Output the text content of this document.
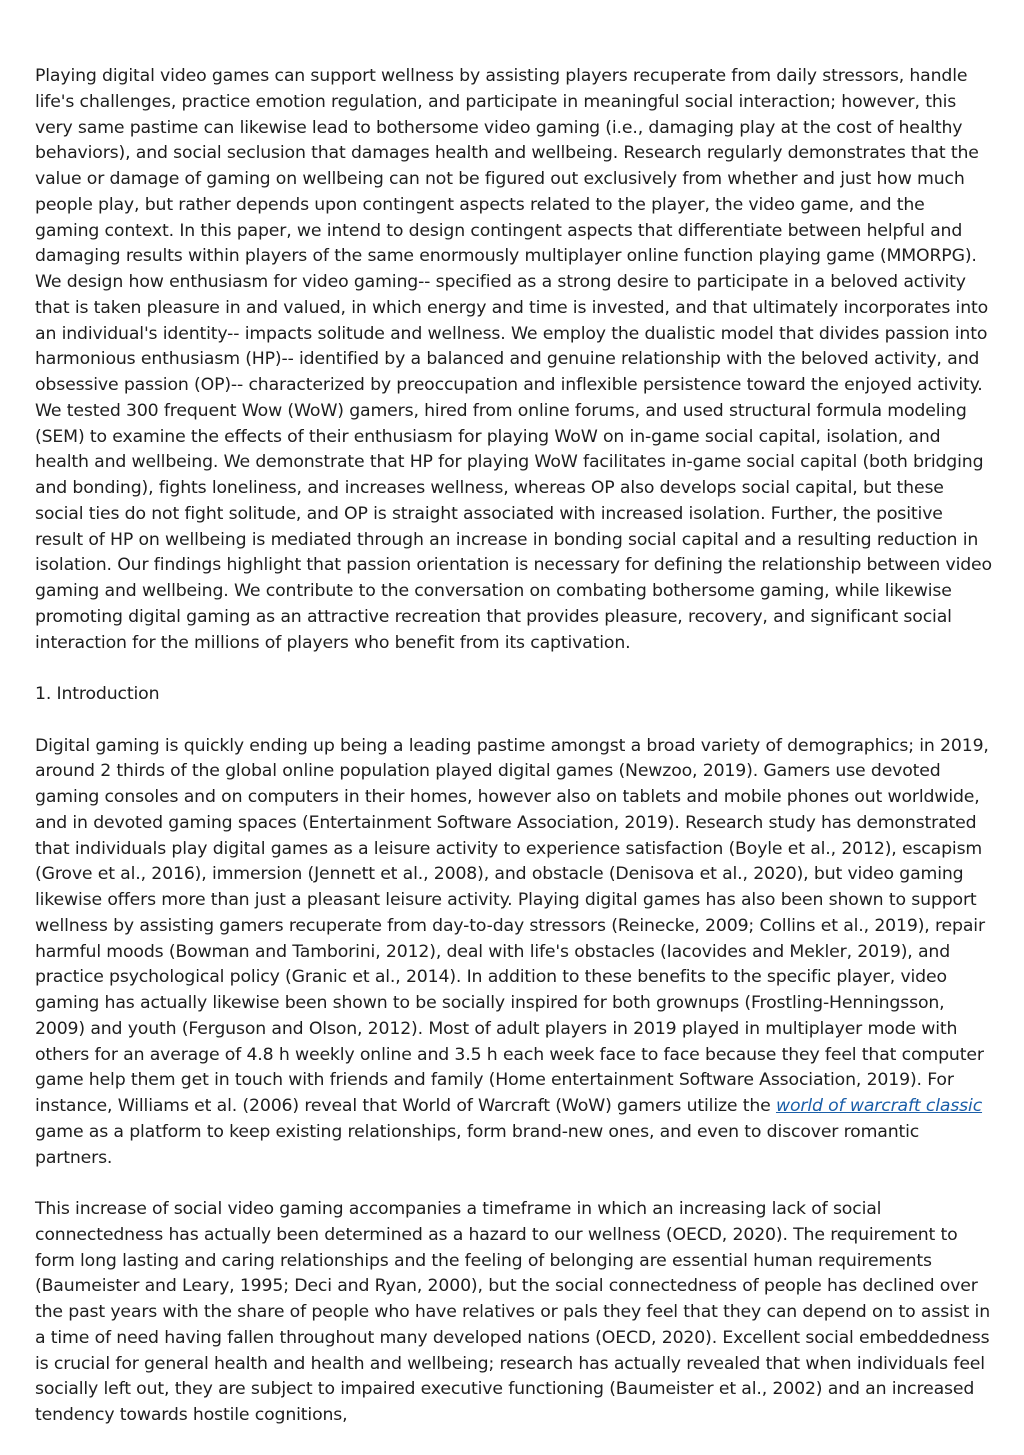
Playing digital video games can support wellness by assisting players recuperate from daily stressors, handle life's challenges, practice emotion regulation, and participate in meaningful social interaction; however, this very same pastime can likewise lead to bothersome video gaming (i.e., damaging play at the cost of healthy behaviors), and social seclusion that damages health and wellbeing. Research regularly demonstrates that the value or damage of gaming on wellbeing can not be figured out exclusively from whether and just how much people play, but rather depends upon contingent aspects related to the player, the video game, and the gaming context. In this paper, we intend to design contingent aspects that differentiate between helpful and damaging results within players of the same enormously multiplayer online function playing game (MMORPG). We design how enthusiasm for video gaming-- specified as a strong desire to participate in a beloved activity that is taken pleasure in and valued, in which energy and time is invested, and that ultimately incorporates into an individual's identity-- impacts solitude and wellness. We employ the dualistic model that divides passion into harmonious enthusiasm (HP)-- identified by a balanced and genuine relationship with the beloved activity, and obsessive passion (OP)-- characterized by preoccupation and inflexible persistence toward the enjoyed activity. We tested 300 frequent Wow (WoW) gamers, hired from online forums, and used structural formula modeling (SEM) to examine the effects of their enthusiasm for playing WoW on in-game social capital, isolation, and health and wellbeing. We demonstrate that HP for playing WoW facilitates in-game social capital (both bridging and bonding), fights loneliness, and increases wellness, whereas OP also develops social capital, but these social ties do not fight solitude, and OP is straight associated with increased isolation. Further, the positive result of HP on wellbeing is mediated through an increase in bonding social capital and a resulting reduction in isolation. Our findings highlight that passion orientation is necessary for defining the relationship between video gaming and wellbeing. We contribute to the conversation on combating bothersome gaming, while likewise promoting digital gaming as an attractive recreation that provides pleasure, recovery, and significant social interaction for the millions of players who benefit from its captivation.

1. Introduction

Digital gaming is quickly ending up being a leading pastime amongst a broad variety of demographics; in 2019, around 2 thirds of the global online population played digital games (Newzoo, 2019). Gamers use devoted gaming consoles and on computers in their homes, however also on tablets and mobile phones out worldwide, and in devoted gaming spaces (Entertainment Software Association, 2019). Research study has demonstrated that individuals play digital games as a leisure activity to experience satisfaction (Boyle et al., 2012), escapism (Grove et al., 2016), immersion (Jennett et al., 2008), and obstacle (Denisova et al., 2020), but video gaming likewise offers more than just a pleasant leisure activity. Playing digital games has also been shown to support wellness by assisting gamers recuperate from day-to-day stressors (Reinecke, 2009; Collins et al., 2019), repair harmful moods (Bowman and Tamborini, 2012), deal with life's obstacles (Iacovides and Mekler, 2019), and practice psychological policy (Granic et al., 2014). In addition to these benefits to the specific player, video gaming has actually likewise been shown to be socially inspired for both grownups (Frostling-Henningsson, 2009) and youth (Ferguson and Olson, 2012). Most of adult players in 2019 played in multiplayer mode with others for an average of 4.8 h weekly online and 3.5 h each week face to face because they feel that computer game help them get in touch with friends and family (Home entertainment Software Association, 2019). For instance, Williams et al. (2006) reveal that World of Warcraft (WoW) gamers utilize the world of warcraft classic game as a platform to keep existing relationships, form brand-new ones, and even to discover romantic partners.

This increase of social video gaming accompanies a timeframe in which an increasing lack of social connectedness has actually been determined as a hazard to our wellness (OECD, 2020). The requirement to form long lasting and caring relationships and the feeling of belonging are essential human requirements (Baumeister and Leary, 1995; Deci and Ryan, 2000), but the social connectedness of people has declined over the past years with the share of people who have relatives or pals they feel that they can depend on to assist in a time of need having fallen throughout many developed nations (OECD, 2020). Excellent social embeddedness is crucial for general health and health and wellbeing; research has actually revealed that when individuals feel socially left out, they are subject to impaired executive functioning (Baumeister et al., 2002) and an increased tendency towards hostile cognitions,
